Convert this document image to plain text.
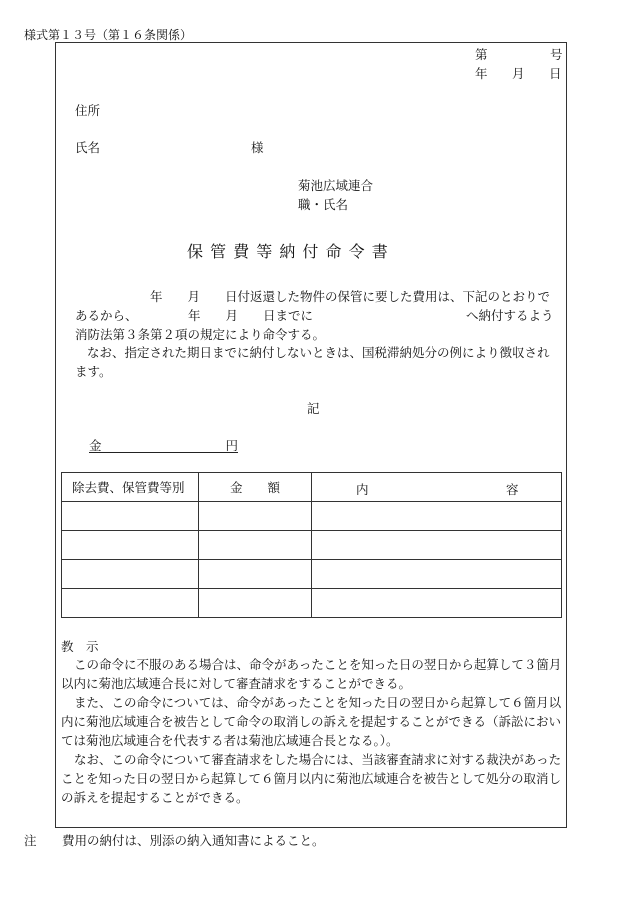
様式第１３号（第１６条関係）
第	号
年 月 日
住所
氏名	様
菊池広域連合
職・氏名
保 管 費 等 納 付 命 令 書
年　　月　　日付返還した物件の保管に要した費用は、下記のとおりで
あるから、	年　　月　　日までに	へ納付するよう
消防法第３条第２項の規定により命令する。
なお、指定された期日までに納付しないときは、国税滞納処分の例により徴収されます。
記
金	円
除去費、保管費等別	金　　額	内 容

教　示
この命令に不服のある場合は、命令があったことを知った日の翌日から起算して３箇月以内に菊池広域連合長に対して審査請求をすることができる。
また、この命令については、命令があったことを知った日の翌日から起算して６箇月以内に菊池広域連合を被告として命令の取消しの訴えを提起することができる（訴訟においては菊池広域連合を代表する者は菊池広域連合長となる。）。
なお、この命令について審査請求をした場合には、当該審査請求に対する裁決があったことを知った日の翌日から起算して６箇月以内に菊池広域連合を被告として処分の取消しの訴えを提起することができる。
注 費用の納付は、別添の納入通知書によること。
